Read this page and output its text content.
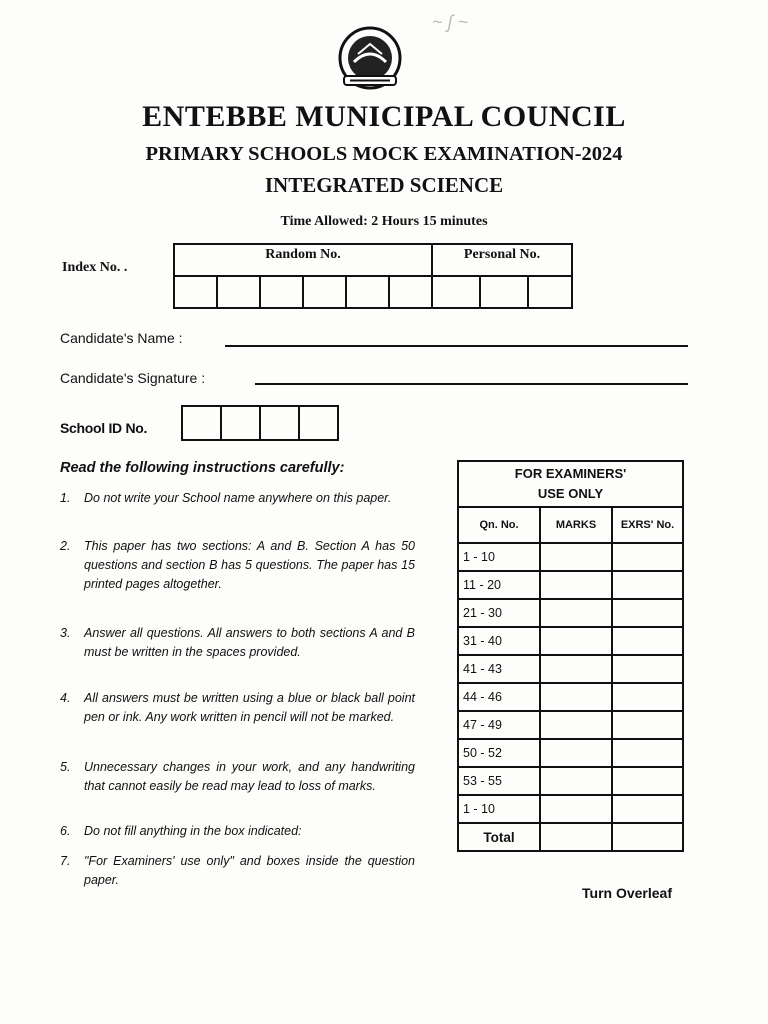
~ ʃ ~
ENTEBBE MUNICIPAL COUNCIL
PRIMARY SCHOOLS MOCK EXAMINATION-2024
INTEGRATED SCIENCE
Time Allowed: 2 Hours 15 minutes
Index No. .
Random No.						Personal No.		

Candidate's Name :
Candidate's Signature :
School ID No.
Read the following instructions carefully:
1. Do not write your School name anywhere on this paper.
2. This paper has two sections: A and B. Section A has 50 questions and section B has 5 questions. The paper has 15 printed pages altogether.
3. Answer all questions. All answers to both sections A and B must be written in the spaces provided.
4. All answers must be written using a blue or black ball point pen or ink. Any work written in pencil will not be marked.
5. Unnecessary changes in your work, and any handwriting that cannot easily be read may lead to loss of marks.
6. Do not fill anything in the box indicated:
7. "For Examiners' use only" and boxes inside the question paper.
FOR EXAMINERS'
USE ONLY		

Qn. No.	MARKS	EXRS' No.
1 - 10		
11 - 20		
21 - 30		
31 - 40		
41 - 43		
44 - 46		
47 - 49		
50 - 52		
53 - 55		
1 - 10		
Total		
Turn Overleaf
